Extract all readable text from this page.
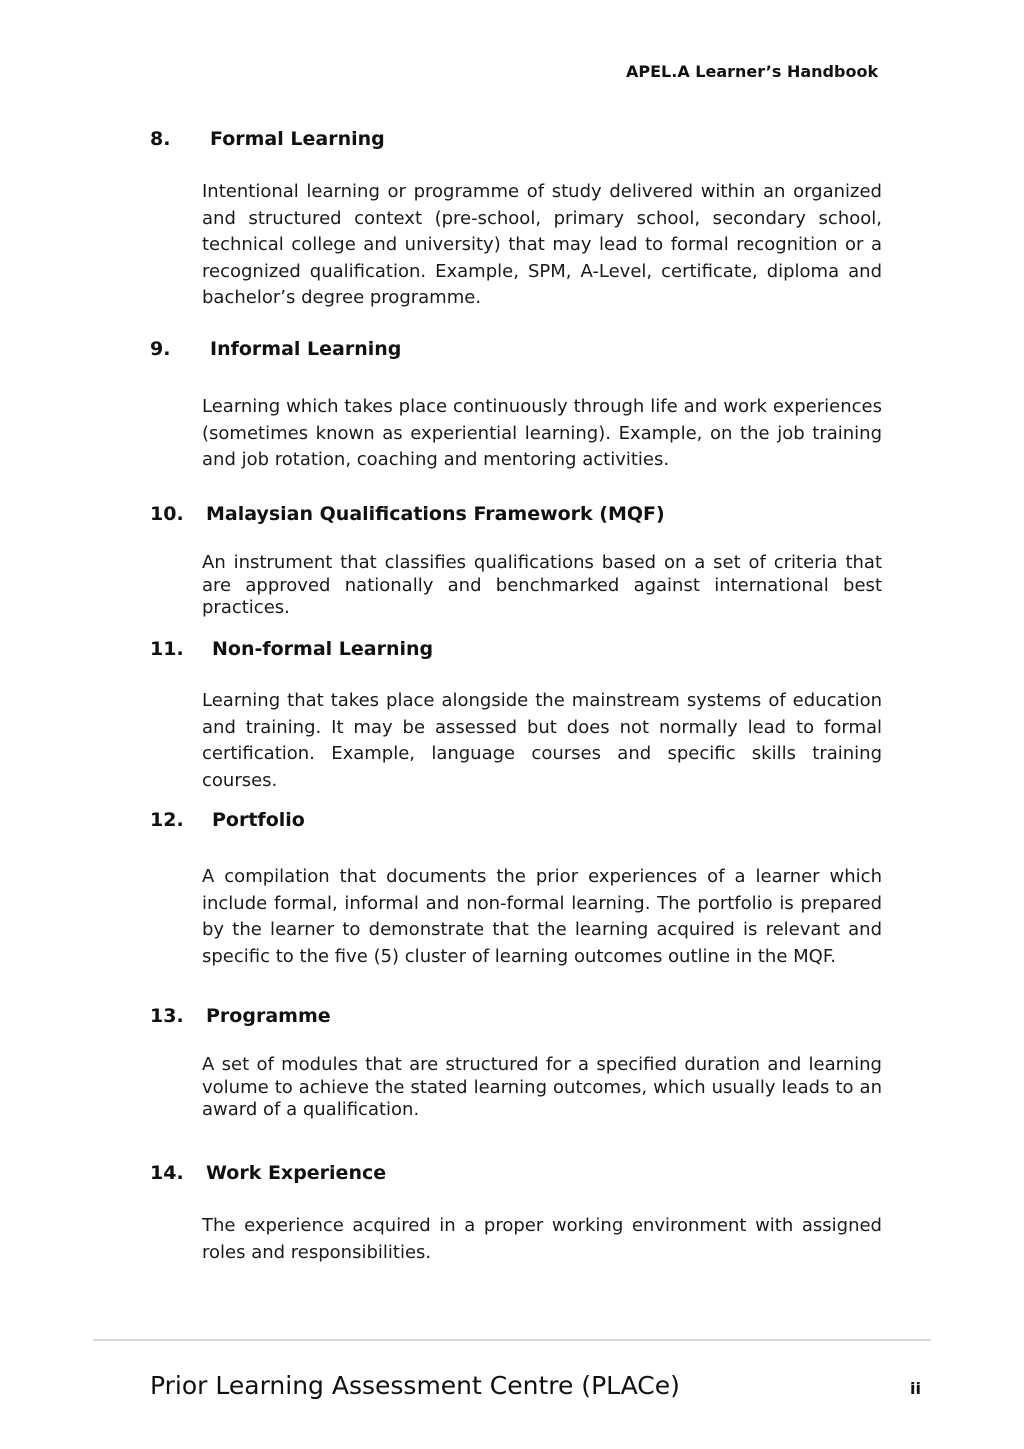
APEL.A Learner’s Handbook
8. Formal Learning
Intentional learning or programme of study delivered within an organized and structured context (pre-school, primary school, secondary school, technical college and university) that may lead to formal recognition or a recognized qualification. Example, SPM, A-Level, certificate, diploma and bachelor’s degree programme.
9. Informal Learning
Learning which takes place continuously through life and work experiences (sometimes known as experiential learning). Example, on the job training and job rotation, coaching and mentoring activities.
10. Malaysian Qualifications Framework (MQF)
An instrument that classifies qualifications based on a set of criteria that are approved nationally and benchmarked against international best practices.
11. Non-formal Learning
Learning that takes place alongside the mainstream systems of education and training. It may be assessed but does not normally lead to formal certification. Example, language courses and specific skills training courses.
12. Portfolio
A compilation that documents the prior experiences of a learner which include formal, informal and non-formal learning. The portfolio is prepared by the learner to demonstrate that the learning acquired is relevant and specific to the five (5) cluster of learning outcomes outline in the MQF.
13. Programme
A set of modules that are structured for a specified duration and learning volume to achieve the stated learning outcomes, which usually leads to an award of a qualification.
14. Work Experience
The experience acquired in a proper working environment with assigned roles and responsibilities.
Prior Learning Assessment Centre (PLACe)	ii
